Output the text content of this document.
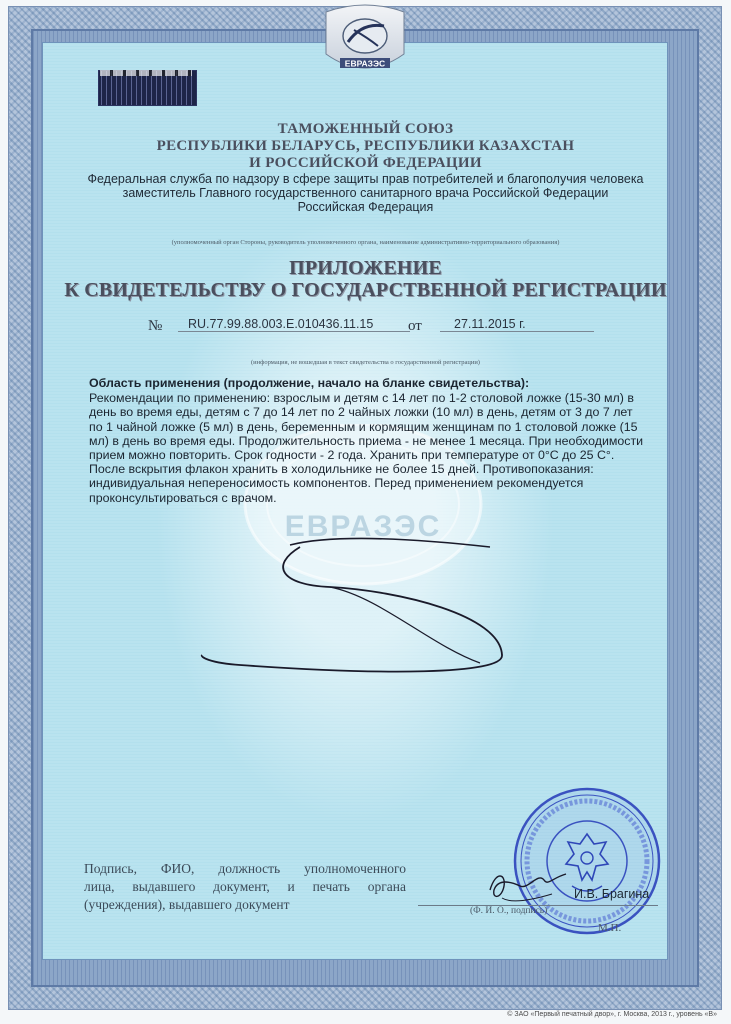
ЕВРАЗЭС
ТАМОЖЕННЫЙ СОЮЗ
РЕСПУБЛИКИ БЕЛАРУСЬ, РЕСПУБЛИКИ КАЗАХСТАН
И РОССИЙСКОЙ ФЕДЕРАЦИИ
Федеральная служба по надзору в сфере защиты прав потребителей и благополучия человека
заместитель Главного государственного санитарного врача Российской Федерации
Российская Федерация
(уполномоченный орган Стороны, руководитель уполномоченного органа, наименование административно-территориального образования)
ПРИЛОЖЕНИЕ
К СВИДЕТЕЛЬСТВУ О ГОСУДАРСТВЕННОЙ РЕГИСТРАЦИИ
№	RU.77.99.88.003.E.010436.11.15	от	27.11.2015 г.
(информация, не вошедшая в текст свидетельства о государственной регистрации)
ЕВРАЗЭС
Область применения (продолжение, начало на бланке свидетельства):
Рекомендации по применению: взрослым и детям с 14 лет по 1-2 столовой ложке (15-30 мл) в день во время еды, детям с 7 до 14 лет по 2 чайных ложки (10 мл) в день, детям от 3 до 7 лет по 1 чайной ложке (5 мл) в день, беременным и кормящим женщинам по 1 столовой ложке (15 мл) в день во время еды. Продолжительность приема - не менее 1 месяца. При необходимости прием можно повторить. Срок годности - 2 года. Хранить при температуре от 0°С до 25 С°. После вскрытия флакон хранить в холодильнике не более 15 дней. Противопоказания: индивидуальная непереносимость компонентов. Перед применением рекомендуется проконсультироваться с врачом.
Подпись, ФИО, должность уполномоченного
лица, выдавшего документ, и печать органа
(учреждения), выдавшего документ
И.В. Брагина
(Ф. И. О., подпись)
М.П.
© ЗАО «Первый печатный двор», г. Москва, 2013 г., уровень «В»
